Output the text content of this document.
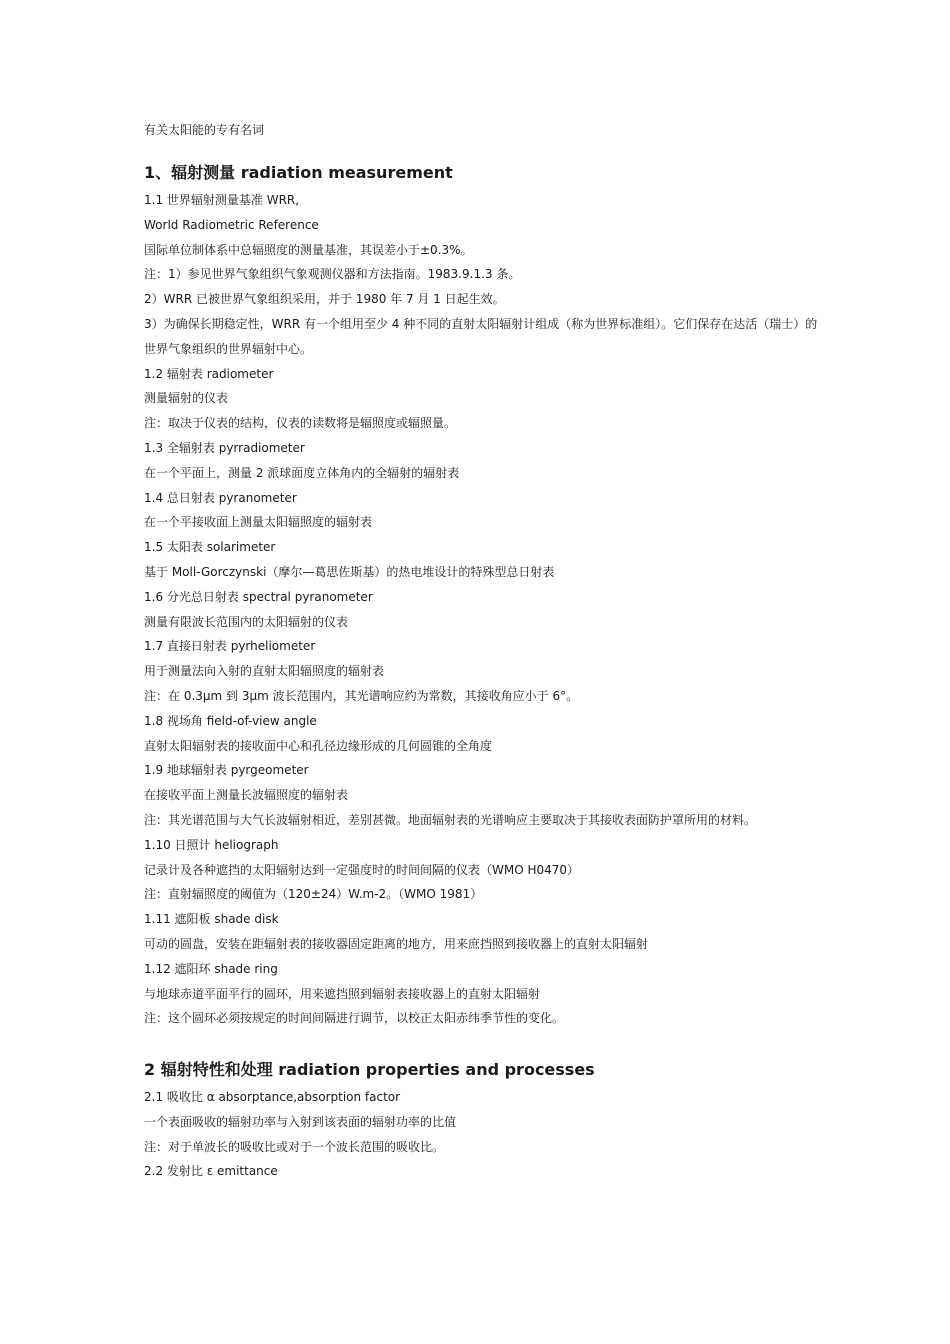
有关太阳能的专有名词

1、辐射测量 radiation measurement

1.1 世界辐射测量基准 WRR,

World Radiometric Reference

国际单位制体系中总辐照度的测量基准，其误差小于±0.3%。

注：1）参见世界气象组织气象观测仪器和方法指南。1983.9.1.3 条。

2）WRR 已被世界气象组织采用，并于 1980 年 7 月 1 日起生效。

3）为确保长期稳定性，WRR 有一个组用至少 4 种不同的直射太阳辐射计组成（称为世界标准组）。它们保存在达活（瑞士）的世界气象组织的世界辐射中心。

1.2 辐射表 radiometer

测量辐射的仪表

注：取决于仪表的结构，仪表的读数将是辐照度或辐照量。

1.3 全辐射表 pyrradiometer

在一个平面上，测量 2 派球面度立体角内的全辐射的辐射表

1.4 总日射表 pyranometer

在一个平接收面上测量太阳辐照度的辐射表

1.5 太阳表 solarimeter

基于 Moll-Gorczynski（摩尔—葛思佐斯基）的热电堆设计的特殊型总日射表

1.6 分光总日射表 spectral pyranometer

测量有限波长范围内的太阳辐射的仪表

1.7 直接日射表 pyrheliometer

用于测量法向入射的直射太阳辐照度的辐射表

注：在 0.3μm 到 3μm 波长范围内，其光谱响应约为常数，其接收角应小于 6°。

1.8 视场角 field-of-view angle

直射太阳辐射表的接收面中心和孔径边缘形成的几何圆锥的全角度

1.9 地球辐射表 pyrgeometer

在接收平面上测量长波辐照度的辐射表

注：其光谱范围与大气长波辐射相近，差别甚微。地面辐射表的光谱响应主要取决于其接收表面防护罩所用的材料。

1.10 日照计 heliograph

记录计及各种遮挡的太阳辐射达到一定强度时的时间间隔的仪表（WMO H0470）

注：直射辐照度的阈值为（120±24）W.m-2。（WMO 1981）

1.11 遮阳板 shade disk

可动的圆盘，安装在距辐射表的接收器固定距离的地方，用来庶挡照到接收器上的直射太阳辐射

1.12 遮阳环 shade ring

与地球赤道平面平行的圆环，用来遮挡照到辐射表接收器上的直射太阳辐射

注：这个圆环必须按规定的时间间隔进行调节，以校正太阳赤纬季节性的变化。

2 辐射特性和处理 radiation properties and processes

2.1 吸收比 α absorptance,absorption factor

一个表面吸收的辐射功率与入射到该表面的辐射功率的比值

注：对于单波长的吸收比或对于一个波长范围的吸收比。

2.2 发射比 ε emittance
